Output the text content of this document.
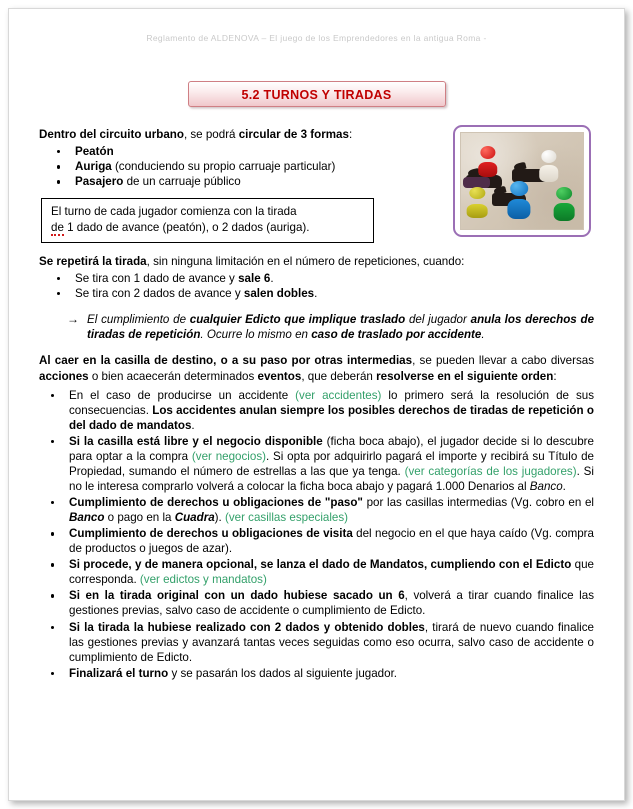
Reglamento de ALDENOVA – El juego de los Emprendedores en la antigua Roma -
5.2 TURNOS Y TIRADAS

Dentro del circuito urbano, se podrá circular de 3 formas:

Peatón
Auriga (conduciendo su propio carruaje particular)
Pasajero de un carruaje público
El turno de cada jugador comienza con la tirada
de 1 dado de avance (peatón), o 2 dados (auriga).

Se repetirá la tirada, sin ninguna limitación en el número de repeticiones, cuando:

Se tira con 1 dado de avance y sale 6.
Se tira con 2 dados de avance y salen dobles.

→ El cumplimiento de cualquier Edicto que implique traslado del jugador anula los derechos de tiradas de repetición. Ocurre lo mismo en caso de traslado por accidente.

Al caer en la casilla de destino, o a su paso por otras intermedias, se pueden llevar a cabo diversas acciones o bien acaecerán determinados eventos, que deberán resolverse en el siguiente orden:

En el caso de producirse un accidente (ver accidentes) lo primero será la resolución de sus consecuencias. Los accidentes anulan siempre los posibles derechos de tiradas de repetición o del dado de mandatos.
Si la casilla está libre y el negocio disponible (ficha boca abajo), el jugador decide si lo descubre para optar a la compra (ver negocios). Si opta por adquirirlo pagará el importe y recibirá su Título de Propiedad, sumando el número de estrellas a las que ya tenga. (ver categorías de los jugadores). Si no le interesa comprarlo volverá a colocar la ficha boca abajo y pagará 1.000 Denarios al Banco.
Cumplimiento de derechos u obligaciones de "paso" por las casillas intermedias (Vg. cobro en el Banco o pago en la Cuadra). (ver casillas especiales)
Cumplimiento de derechos u obligaciones de visita del negocio en el que haya caído (Vg. compra de productos o juegos de azar).
Si procede, y de manera opcional, se lanza el dado de Mandatos, cumpliendo con el Edicto que corresponda. (ver edictos y mandatos)
Si en la tirada original con un dado hubiese sacado un 6, volverá a tirar cuando finalice las gestiones previas, salvo caso de accidente o cumplimiento de Edicto.
Si la tirada la hubiese realizado con 2 dados y obtenido dobles, tirará de nuevo cuando finalice las gestiones previas y avanzará tantas veces seguidas como eso ocurra, salvo caso de accidente o cumplimiento de Edicto.
Finalizará el turno y se pasarán los dados al siguiente jugador.
